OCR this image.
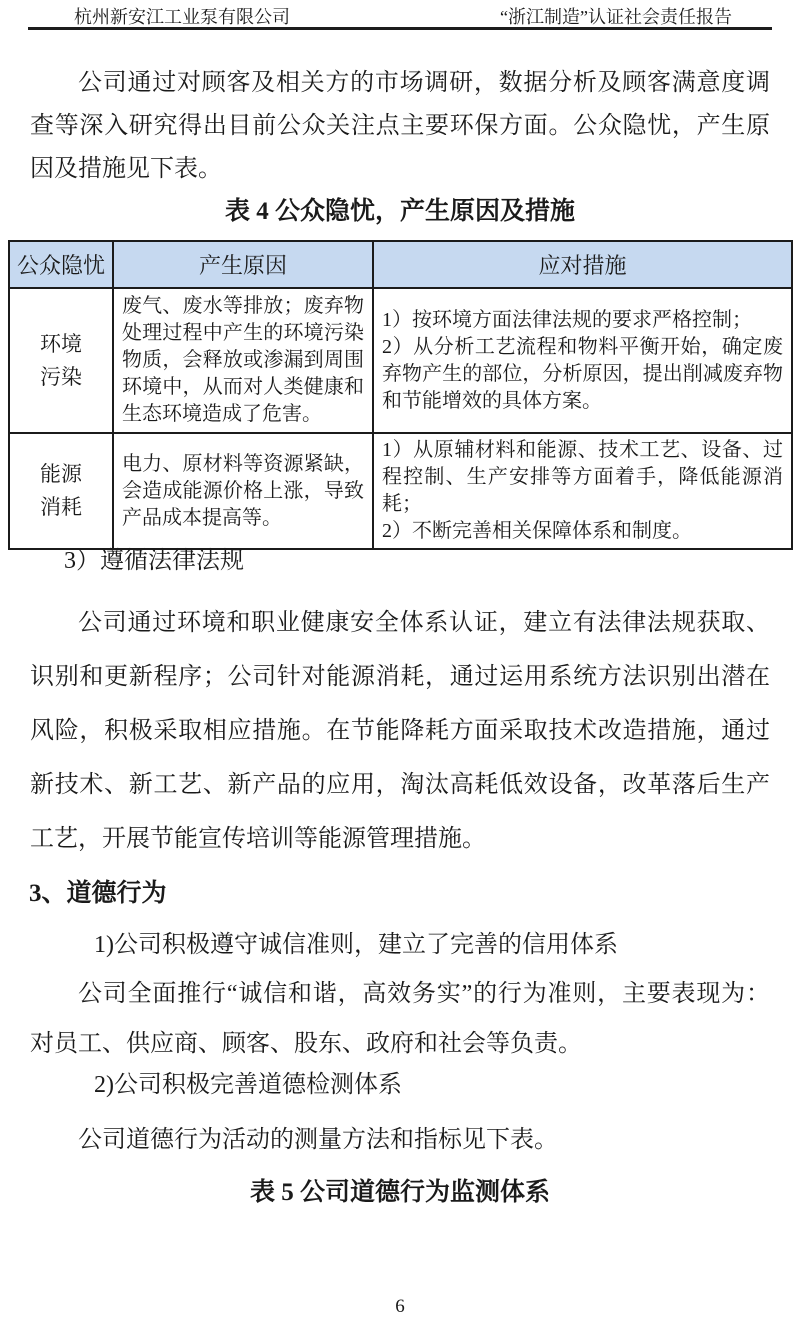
杭州新安江工业泵有限公司	“浙江制造”认证社会责任报告
公司通过对顾客及相关方的市场调研，数据分析及顾客满意度调查等深入研究得出目前公众关注点主要环保方面。公众隐忧，产生原因及措施见下表。
表 4 公众隐忧，产生原因及措施
公众隐忧	产生原因	应对措施
环境污染	废气、废水等排放；废弃物处理过程中产生的环境污染物质，会释放或渗漏到周围环境中，从而对人类健康和生态环境造成了危害。	1）按环境方面法律法规的要求严格控制；
2）从分析工艺流程和物料平衡开始，确定废弃物产生的部位，分析原因，提出削减废弃物和节能增效的具体方案。

能源消耗	电力、原材料等资源紧缺，会造成能源价格上涨，导致产品成本提高等。	1）从原辅材料和能源、技术工艺、设备、过程控制、生产安排等方面着手，降低能源消耗；
2）不断完善相关保障体系和制度。
3）遵循法律法规
公司通过环境和职业健康安全体系认证，建立有法律法规获取、识别和更新程序；公司针对能源消耗，通过运用系统方法识别出潜在风险，积极采取相应措施。在节能降耗方面采取技术改造措施，通过新技术、新工艺、新产品的应用，淘汰高耗低效设备，改革落后生产工艺，开展节能宣传培训等能源管理措施。
3、道德行为
1)公司积极遵守诚信准则，建立了完善的信用体系
公司全面推行“诚信和谐，高效务实”的行为准则，主要表现为：对员工、供应商、顾客、股东、政府和社会等负责。
2)公司积极完善道德检测体系
公司道德行为活动的测量方法和指标见下表。
表 5 公司道德行为监测体系
6
